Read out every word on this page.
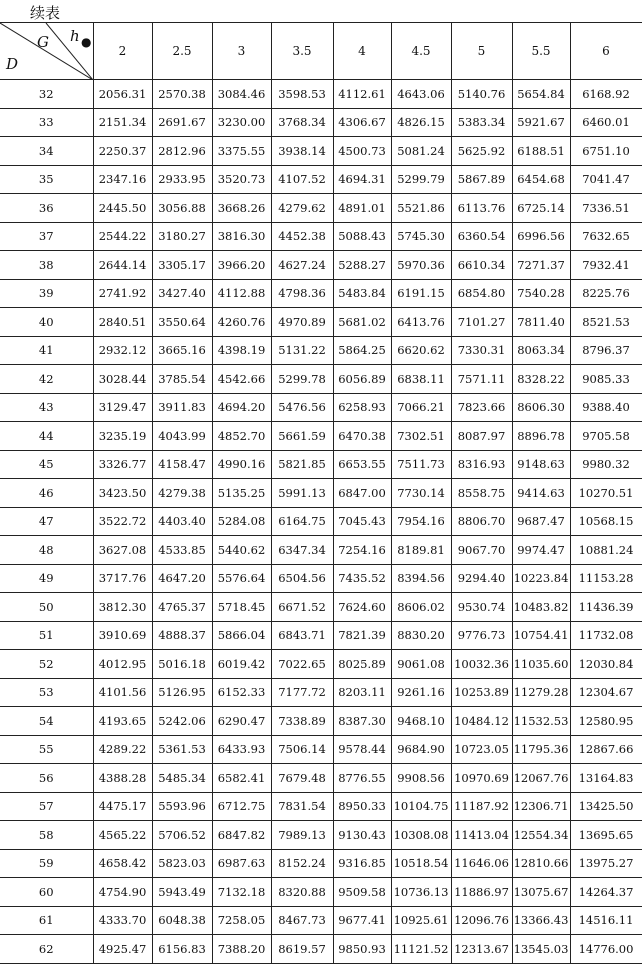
续表
G h ●
D	2	2.5	3	3.5	4	4.5	5	5.5	6
32	2056.31	2570.38	3084.46	3598.53	4112.61	4643.06	5140.76	5654.84	6168.92
33	2151.34	2691.67	3230.00	3768.34	4306.67	4826.15	5383.34	5921.67	6460.01
34	2250.37	2812.96	3375.55	3938.14	4500.73	5081.24	5625.92	6188.51	6751.10
35	2347.16	2933.95	3520.73	4107.52	4694.31	5299.79	5867.89	6454.68	7041.47
36	2445.50	3056.88	3668.26	4279.62	4891.01	5521.86	6113.76	6725.14	7336.51
37	2544.22	3180.27	3816.30	4452.38	5088.43	5745.30	6360.54	6996.56	7632.65
38	2644.14	3305.17	3966.20	4627.24	5288.27	5970.36	6610.34	7271.37	7932.41
39	2741.92	3427.40	4112.88	4798.36	5483.84	6191.15	6854.80	7540.28	8225.76
40	2840.51	3550.64	4260.76	4970.89	5681.02	6413.76	7101.27	7811.40	8521.53
41	2932.12	3665.16	4398.19	5131.22	5864.25	6620.62	7330.31	8063.34	8796.37
42	3028.44	3785.54	4542.66	5299.78	6056.89	6838.11	7571.11	8328.22	9085.33
43	3129.47	3911.83	4694.20	5476.56	6258.93	7066.21	7823.66	8606.30	9388.40
44	3235.19	4043.99	4852.70	5661.59	6470.38	7302.51	8087.97	8896.78	9705.58
45	3326.77	4158.47	4990.16	5821.85	6653.55	7511.73	8316.93	9148.63	9980.32
46	3423.50	4279.38	5135.25	5991.13	6847.00	7730.14	8558.75	9414.63	10270.51
47	3522.72	4403.40	5284.08	6164.75	7045.43	7954.16	8806.70	9687.47	10568.15
48	3627.08	4533.85	5440.62	6347.34	7254.16	8189.81	9067.70	9974.47	10881.24
49	3717.76	4647.20	5576.64	6504.56	7435.52	8394.56	9294.40	10223.84	11153.28
50	3812.30	4765.37	5718.45	6671.52	7624.60	8606.02	9530.74	10483.82	11436.39
51	3910.69	4888.37	5866.04	6843.71	7821.39	8830.20	9776.73	10754.41	11732.08
52	4012.95	5016.18	6019.42	7022.65	8025.89	9061.08	10032.36	11035.60	12030.84
53	4101.56	5126.95	6152.33	7177.72	8203.11	9261.16	10253.89	11279.28	12304.67
54	4193.65	5242.06	6290.47	7338.89	8387.30	9468.10	10484.12	11532.53	12580.95
55	4289.22	5361.53	6433.93	7506.14	9578.44	9684.90	10723.05	11795.36	12867.66
56	4388.28	5485.34	6582.41	7679.48	8776.55	9908.56	10970.69	12067.76	13164.83
57	4475.17	5593.96	6712.75	7831.54	8950.33	10104.75	11187.92	12306.71	13425.50
58	4565.22	5706.52	6847.82	7989.13	9130.43	10308.08	11413.04	12554.34	13695.65
59	4658.42	5823.03	6987.63	8152.24	9316.85	10518.54	11646.06	12810.66	13975.27
60	4754.90	5943.49	7132.18	8320.88	9509.58	10736.13	11886.97	13075.67	14264.37
61	4333.70	6048.38	7258.05	8467.73	9677.41	10925.61	12096.76	13366.43	14516.11
62	4925.47	6156.83	7388.20	8619.57	9850.93	11121.52	12313.67	13545.03	14776.00
